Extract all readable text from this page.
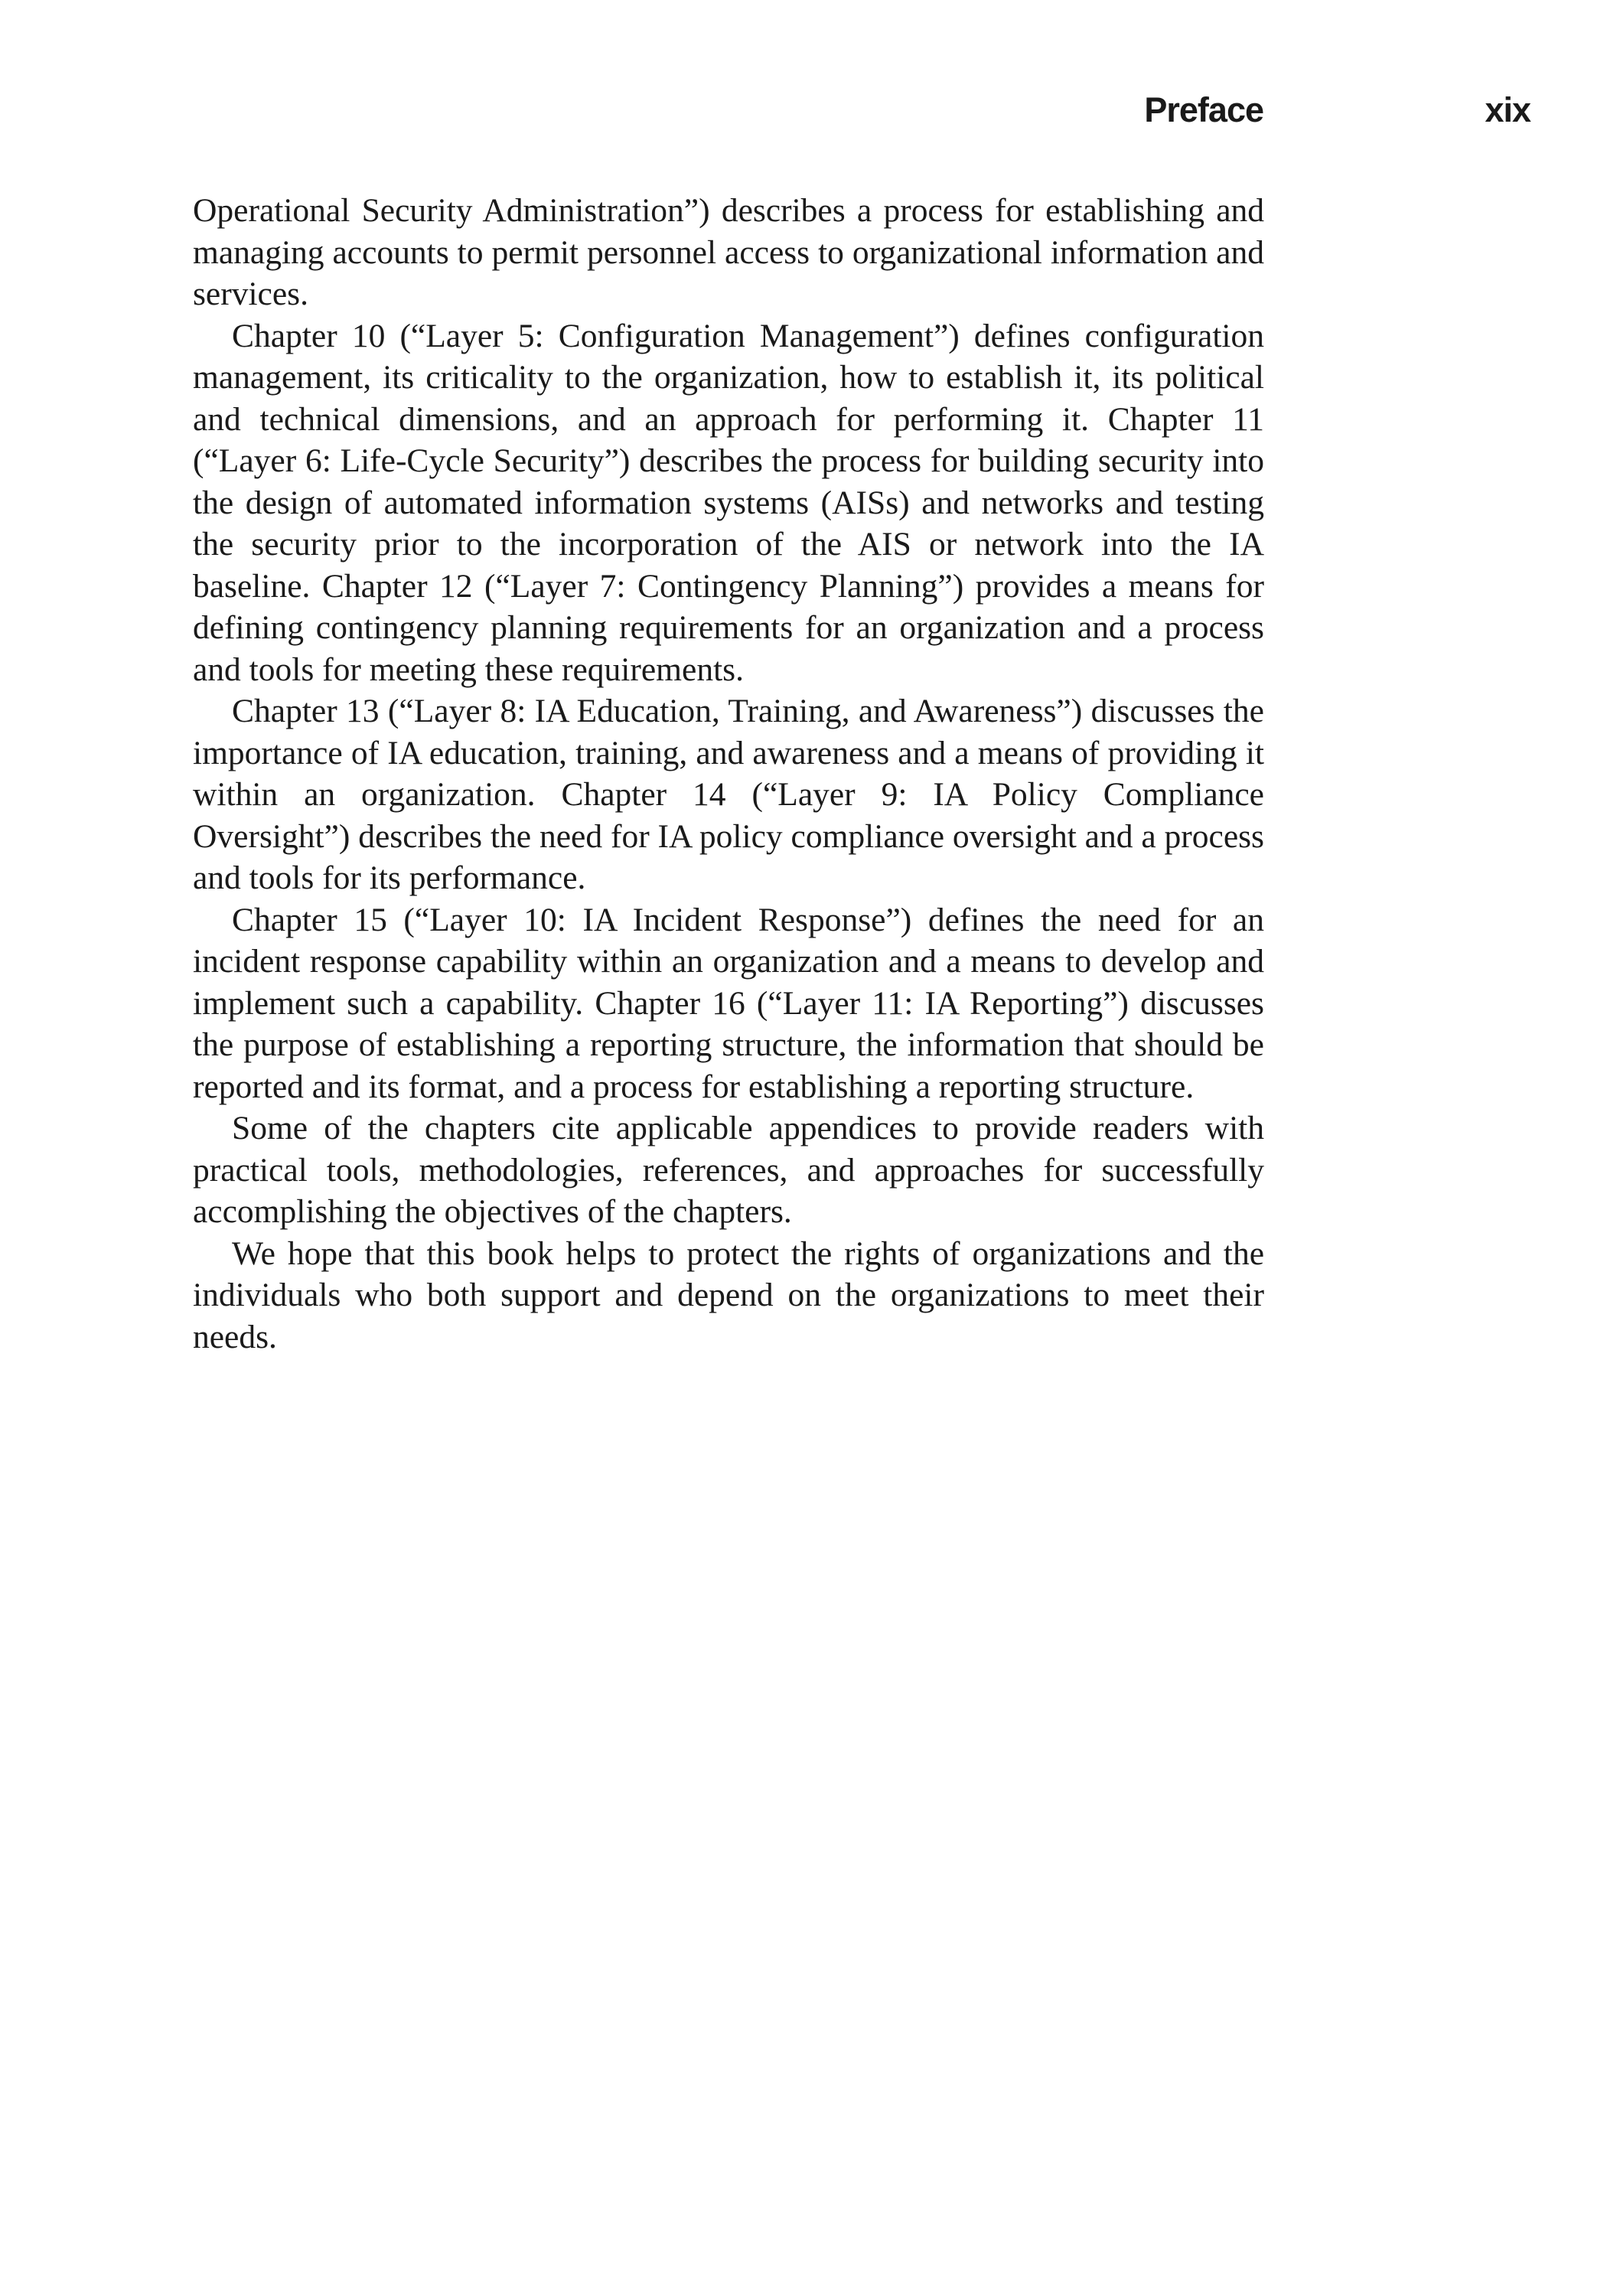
Preface	xix

Operational Security Administration”) describes a process for establishing and managing accounts to permit personnel access to organizational information and services.

Chapter 10 (“Layer 5: Configuration Management”) defines configuration management, its criticality to the organization, how to establish it, its political and technical dimensions, and an approach for performing it. Chapter 11 (“Layer 6: Life-Cycle Security”) describes the process for building security into the design of automated information systems (AISs) and networks and testing the security prior to the incorporation of the AIS or network into the IA baseline. Chapter 12 (“Layer 7: Contingency Planning”) provides a means for defining contingency planning requirements for an organization and a process and tools for meeting these requirements.

Chapter 13 (“Layer 8: IA Education, Training, and Awareness”) discusses the importance of IA education, training, and awareness and a means of providing it within an organization. Chapter 14 (“Layer 9: IA Policy Compliance Oversight”) describes the need for IA policy compliance oversight and a process and tools for its performance.

Chapter 15 (“Layer 10: IA Incident Response”) defines the need for an incident response capability within an organization and a means to develop and implement such a capability. Chapter 16 (“Layer 11: IA Reporting”) discusses the purpose of establishing a reporting structure, the information that should be reported and its format, and a process for establishing a reporting structure.

Some of the chapters cite applicable appendices to provide readers with practical tools, methodologies, references, and approaches for successfully accomplishing the objectives of the chapters.

We hope that this book helps to protect the rights of organizations and the individuals who both support and depend on the organizations to meet their needs.
